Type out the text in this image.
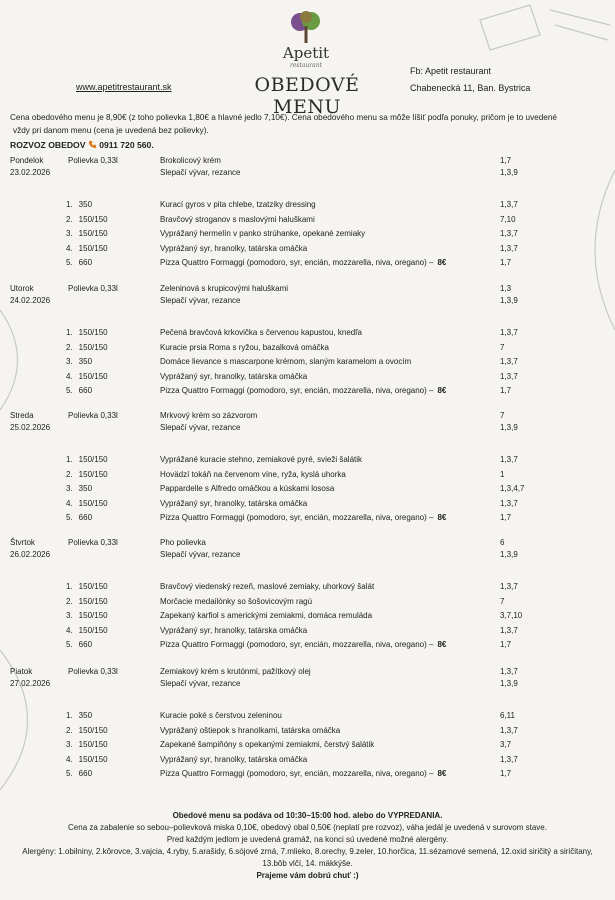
Apetit
restaurant
www.apetitrestaurant.sk	OBEDOVÉ MENU
Fb: Apetit restaurant
Chabenecká 11, Ban. Bystrica
Cena obedového menu je 8,90€ (z toho polievka 1,80€ a hlavné jedlo 7,10€). Cena obedového menu sa môže líšiť podľa ponuky, pričom je to uvedené
vždy pri danom menu (cena je uvedená bez polievky).
ROZVOZ OBEDOV 0911 720 560.
Pondelok	Polievka 0,33l	Brokolicový krém	1,7
23.02.2026	Slepačí vývar, rezance	1,3,9
1. 350	Kurací gyros v pita chlebe, tzatziky dressing	1,3,7
2. 150/150	Bravčový stroganov s maslovými haluškami	7,10
3. 150/150	Vyprážaný hermelín v panko strúhanke, opekané zemiaky	1,3,7
4. 150/150	Vyprážaný syr, hranolky, tatárska omáčka	1,3,7
5. 660	Pizza Quattro Formaggi (pomodoro, syr, encián, mozzarella, niva, oregano) – 8€	1,7
Utorok	Polievka 0,33l	Zeleninová s krupicovými haluškami	1,3
24.02.2026	Slepačí vývar, rezance	1,3,9
1. 150/150	Pečená bravčová krkovička s červenou kapustou, knedľa	1,3,7
2. 150/150	Kuracie prsia Roma s ryžou, bazalková omáčka	7
3. 350	Domáce lievance s mascarpone krémom, slaným karamelom a ovocím	1,3,7
4. 150/150	Vyprážaný syr, hranolky, tatárska omáčka	1,3,7
5. 660	Pizza Quattro Formaggi (pomodoro, syr, encián, mozzarella, niva, oregano) – 8€	1,7
Streda	Polievka 0,33l	Mrkvový krém so zázvorom	7
25.02.2026	Slepačí vývar, rezance	1,3,9
1. 150/150	Vyprážané kuracie stehno, zemiakové pyré, svieži šalátik	1,3,7
2. 150/150	Hovädzí tokáň na červenom víne, ryža, kyslá uhorka	1
3. 350	Pappardelle s Alfredo omáčkou a kúskami lososa	1,3,4,7
4. 150/150	Vyprážaný syr, hranolky, tatárska omáčka	1,3,7
5. 660	Pizza Quattro Formaggi (pomodoro, syr, encián, mozzarella, niva, oregano) – 8€	1,7
Štvrtok	Polievka 0,33l	Pho polievka	6
26.02.2026	Slepačí vývar, rezance	1,3,9
1. 150/150	Bravčový viedenský rezeň, maslové zemiaky, uhorkový šalát	1,3,7
2. 150/150	Morčacie medailónky so šošovicovým ragú	7
3. 150/150	Zapekaný karfiol s americkými zemiakmi, domáca remuláda	3,7,10
4. 150/150	Vyprážaný syr, hranolky, tatárska omáčka	1,3,7
5. 660	Pizza Quattro Formaggi (pomodoro, syr, encián, mozzarella, niva, oregano) – 8€	1,7
Piatok	Polievka 0,33l	Zemiakový krém s krutónmi, pažítkový olej	1,3,7
27.02.2026	Slepačí vývar, rezance	1,3,9
1. 350	Kuracie poké s čerstvou zeleninou	6,11
2. 150/150	Vyprážaný oštiepok s hranolkami, tatárska omáčka	1,3,7
3. 150/150	Zapekané šampiňóny s opekanými zemiakmi, čerstvý šalátik	3,7
4. 150/150	Vyprážaný syr, hranolky, tatárska omáčka	1,3,7
5. 660	Pizza Quattro Formaggi (pomodoro, syr, encián, mozzarella, niva, oregano) – 8€	1,7
Obedové menu sa podáva od 10:30–15:00 hod. alebo do VYPREDANIA.
Cena za zabalenie so sebou–polievková miska 0,10€, obedový obal 0,50€ (neplatí pre rozvoz), váha jedál je uvedená v surovom stave.
Pred každým jedlom je uvedená gramáž, na konci sú uvedené možné alergény.
Alergény: 1.obilniny, 2.kôrovce, 3.vajcia, 4.ryby, 5.arašidy, 6.sójové zrná, 7.mlieko, 8.orechy, 9.zeler, 10.horčica, 11.sézamové semená, 12.oxid siričitý a siričitany,
13.bôb vlčí, 14. mäkkýše.
Prajeme vám dobrú chuť :)
